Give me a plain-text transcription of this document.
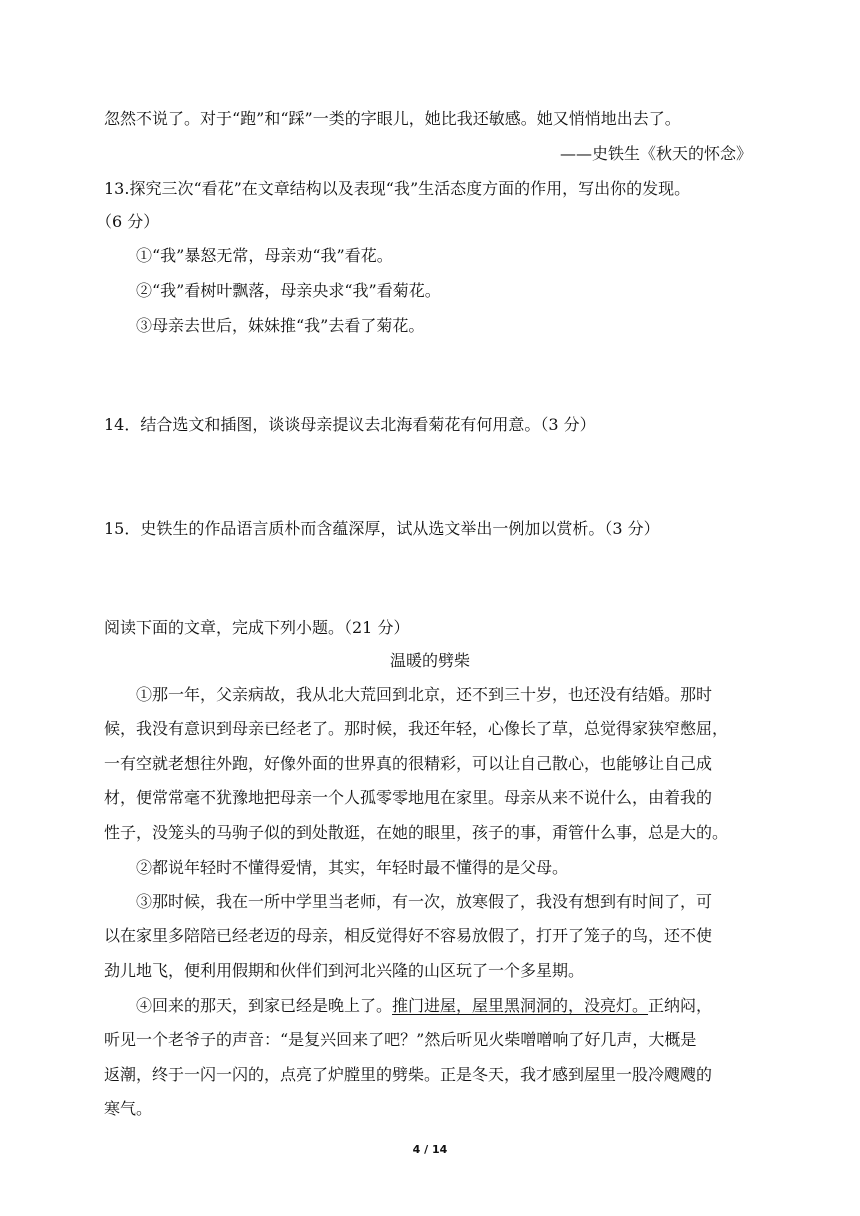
忽然不说了。对于“跑”和“踩”一类的字眼儿，她比我还敏感。她又悄悄地出去了。
——史铁生《秋天的怀念》
13.探究三次“看花”在文章结构以及表现“我”生活态度方面的作用，写出你的发现。
（6 分）
①“我”暴怒无常，母亲劝“我”看花。
②“我”看树叶飘落，母亲央求“我”看菊花。
③母亲去世后，妹妹推“我”去看了菊花。
14．结合选文和插图，谈谈母亲提议去北海看菊花有何用意。（3 分）
15．史铁生的作品语言质朴而含蕴深厚，试从选文举出一例加以赏析。（3 分）
阅读下面的文章，完成下列小题。（21 分）
温暖的劈柴
①那一年，父亲病故，我从北大荒回到北京，还不到三十岁，也还没有结婚。那时
候，我没有意识到母亲已经老了。那时候，我还年轻，心像长了草，总觉得家狭窄憋屈，
一有空就老想往外跑，好像外面的世界真的很精彩，可以让自己散心，也能够让自己成
材，便常常毫不犹豫地把母亲一个人孤零零地甩在家里。母亲从来不说什么，由着我的
性子，没笼头的马驹子似的到处散逛，在她的眼里，孩子的事，甭管什么事，总是大的。
②都说年轻时不懂得爱情，其实，年轻时最不懂得的是父母。
③那时候，我在一所中学里当老师，有一次，放寒假了，我没有想到有时间了，可
以在家里多陪陪已经老迈的母亲，相反觉得好不容易放假了，打开了笼子的鸟，还不使
劲儿地飞，便利用假期和伙伴们到河北兴隆的山区玩了一个多星期。
④回来的那天，到家已经是晚上了。推门进屋，屋里黑洞洞的，没亮灯。正纳闷，
听见一个老爷子的声音：“是复兴回来了吧？”然后听见火柴噌噌响了好几声，大概是
返潮，终于一闪一闪的，点亮了炉膛里的劈柴。正是冬天，我才感到屋里一股冷飕飕的
寒气。
4 / 14
